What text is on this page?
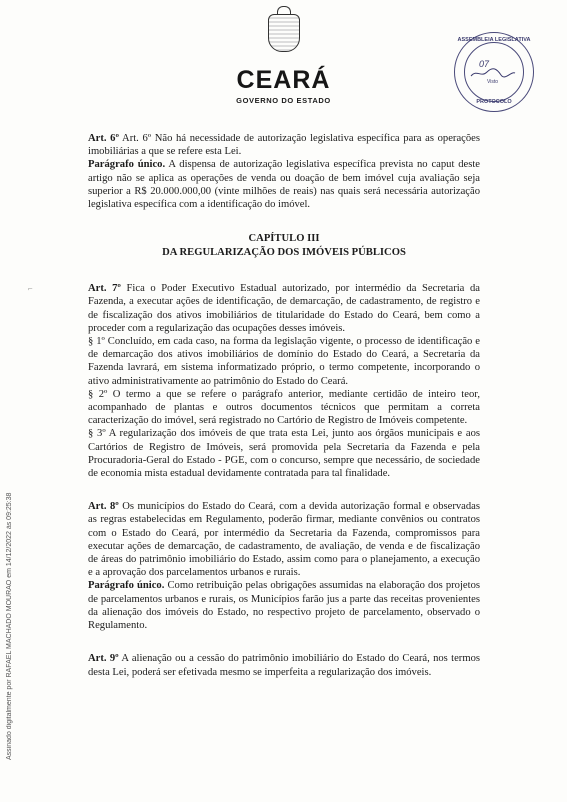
CEARÁ
GOVERNO DO ESTADO
ASSEMBLEIA LEGISLATIVA
07
Visto
PROTOCOLO
Assinado digitalmente por RAFAEL MACHADO MOURAO em 14/12/2022 às 09:25:38
⌐

Art. 6º Art. 6º Não há necessidade de autorização legislativa específica para as operações imobiliárias a que se refere esta Lei.

Parágrafo único. A dispensa de autorização legislativa específica prevista no caput deste artigo não se aplica as operações de venda ou doação de bem imóvel cuja avaliação seja superior a R$ 20.000.000,00 (vinte milhões de reais) nas quais será necessária autorização legislativa específica com a identificação do imóvel.

CAPÍTULO III
DA REGULARIZAÇÃO DOS IMÓVEIS PÚBLICOS

Art. 7º Fica o Poder Executivo Estadual autorizado, por intermédio da Secretaria da Fazenda, a executar ações de identificação, de demarcação, de cadastramento, de registro e de fiscalização dos ativos imobiliários de titularidade do Estado do Ceará, bem como a proceder com a regularização das ocupações desses imóveis.

§ 1º Concluído, em cada caso, na forma da legislação vigente, o processo de identificação e de demarcação dos ativos imobiliários de domínio do Estado do Ceará, a Secretaria da Fazenda lavrará, em sistema informatizado próprio, o termo competente, incorporando o ativo administrativamente ao patrimônio do Estado do Ceará.

§ 2º O termo a que se refere o parágrafo anterior, mediante certidão de inteiro teor, acompanhado de plantas e outros documentos técnicos que permitam a correta caracterização do imóvel, será registrado no Cartório de Registro de Imóveis competente.

§ 3º A regularização dos imóveis de que trata esta Lei, junto aos órgãos municipais e aos Cartórios de Registro de Imóveis, será promovida pela Secretaria da Fazenda e pela Procuradoria-Geral do Estado - PGE, com o concurso, sempre que necessário, de sociedade de economia mista estadual devidamente contratada para tal finalidade.

Art. 8º Os municípios do Estado do Ceará, com a devida autorização formal e observadas as regras estabelecidas em Regulamento, poderão firmar, mediante convênios ou contratos com o Estado do Ceará, por intermédio da Secretaria da Fazenda, compromissos para executar ações de demarcação, de cadastramento, de avaliação, de venda e de fiscalização de áreas do patrimônio imobiliário do Estado, assim como para o planejamento, a execução e a aprovação dos parcelamentos urbanos e rurais.

Parágrafo único. Como retribuição pelas obrigações assumidas na elaboração dos projetos de parcelamentos urbanos e rurais, os Municípios farão jus a parte das receitas provenientes da alienação dos imóveis do Estado, no respectivo projeto de parcelamento, observado o Regulamento.

Art. 9º A alienação ou a cessão do patrimônio imobiliário do Estado do Ceará, nos termos desta Lei, poderá ser efetivada mesmo se imperfeita a regularização dos imóveis.
